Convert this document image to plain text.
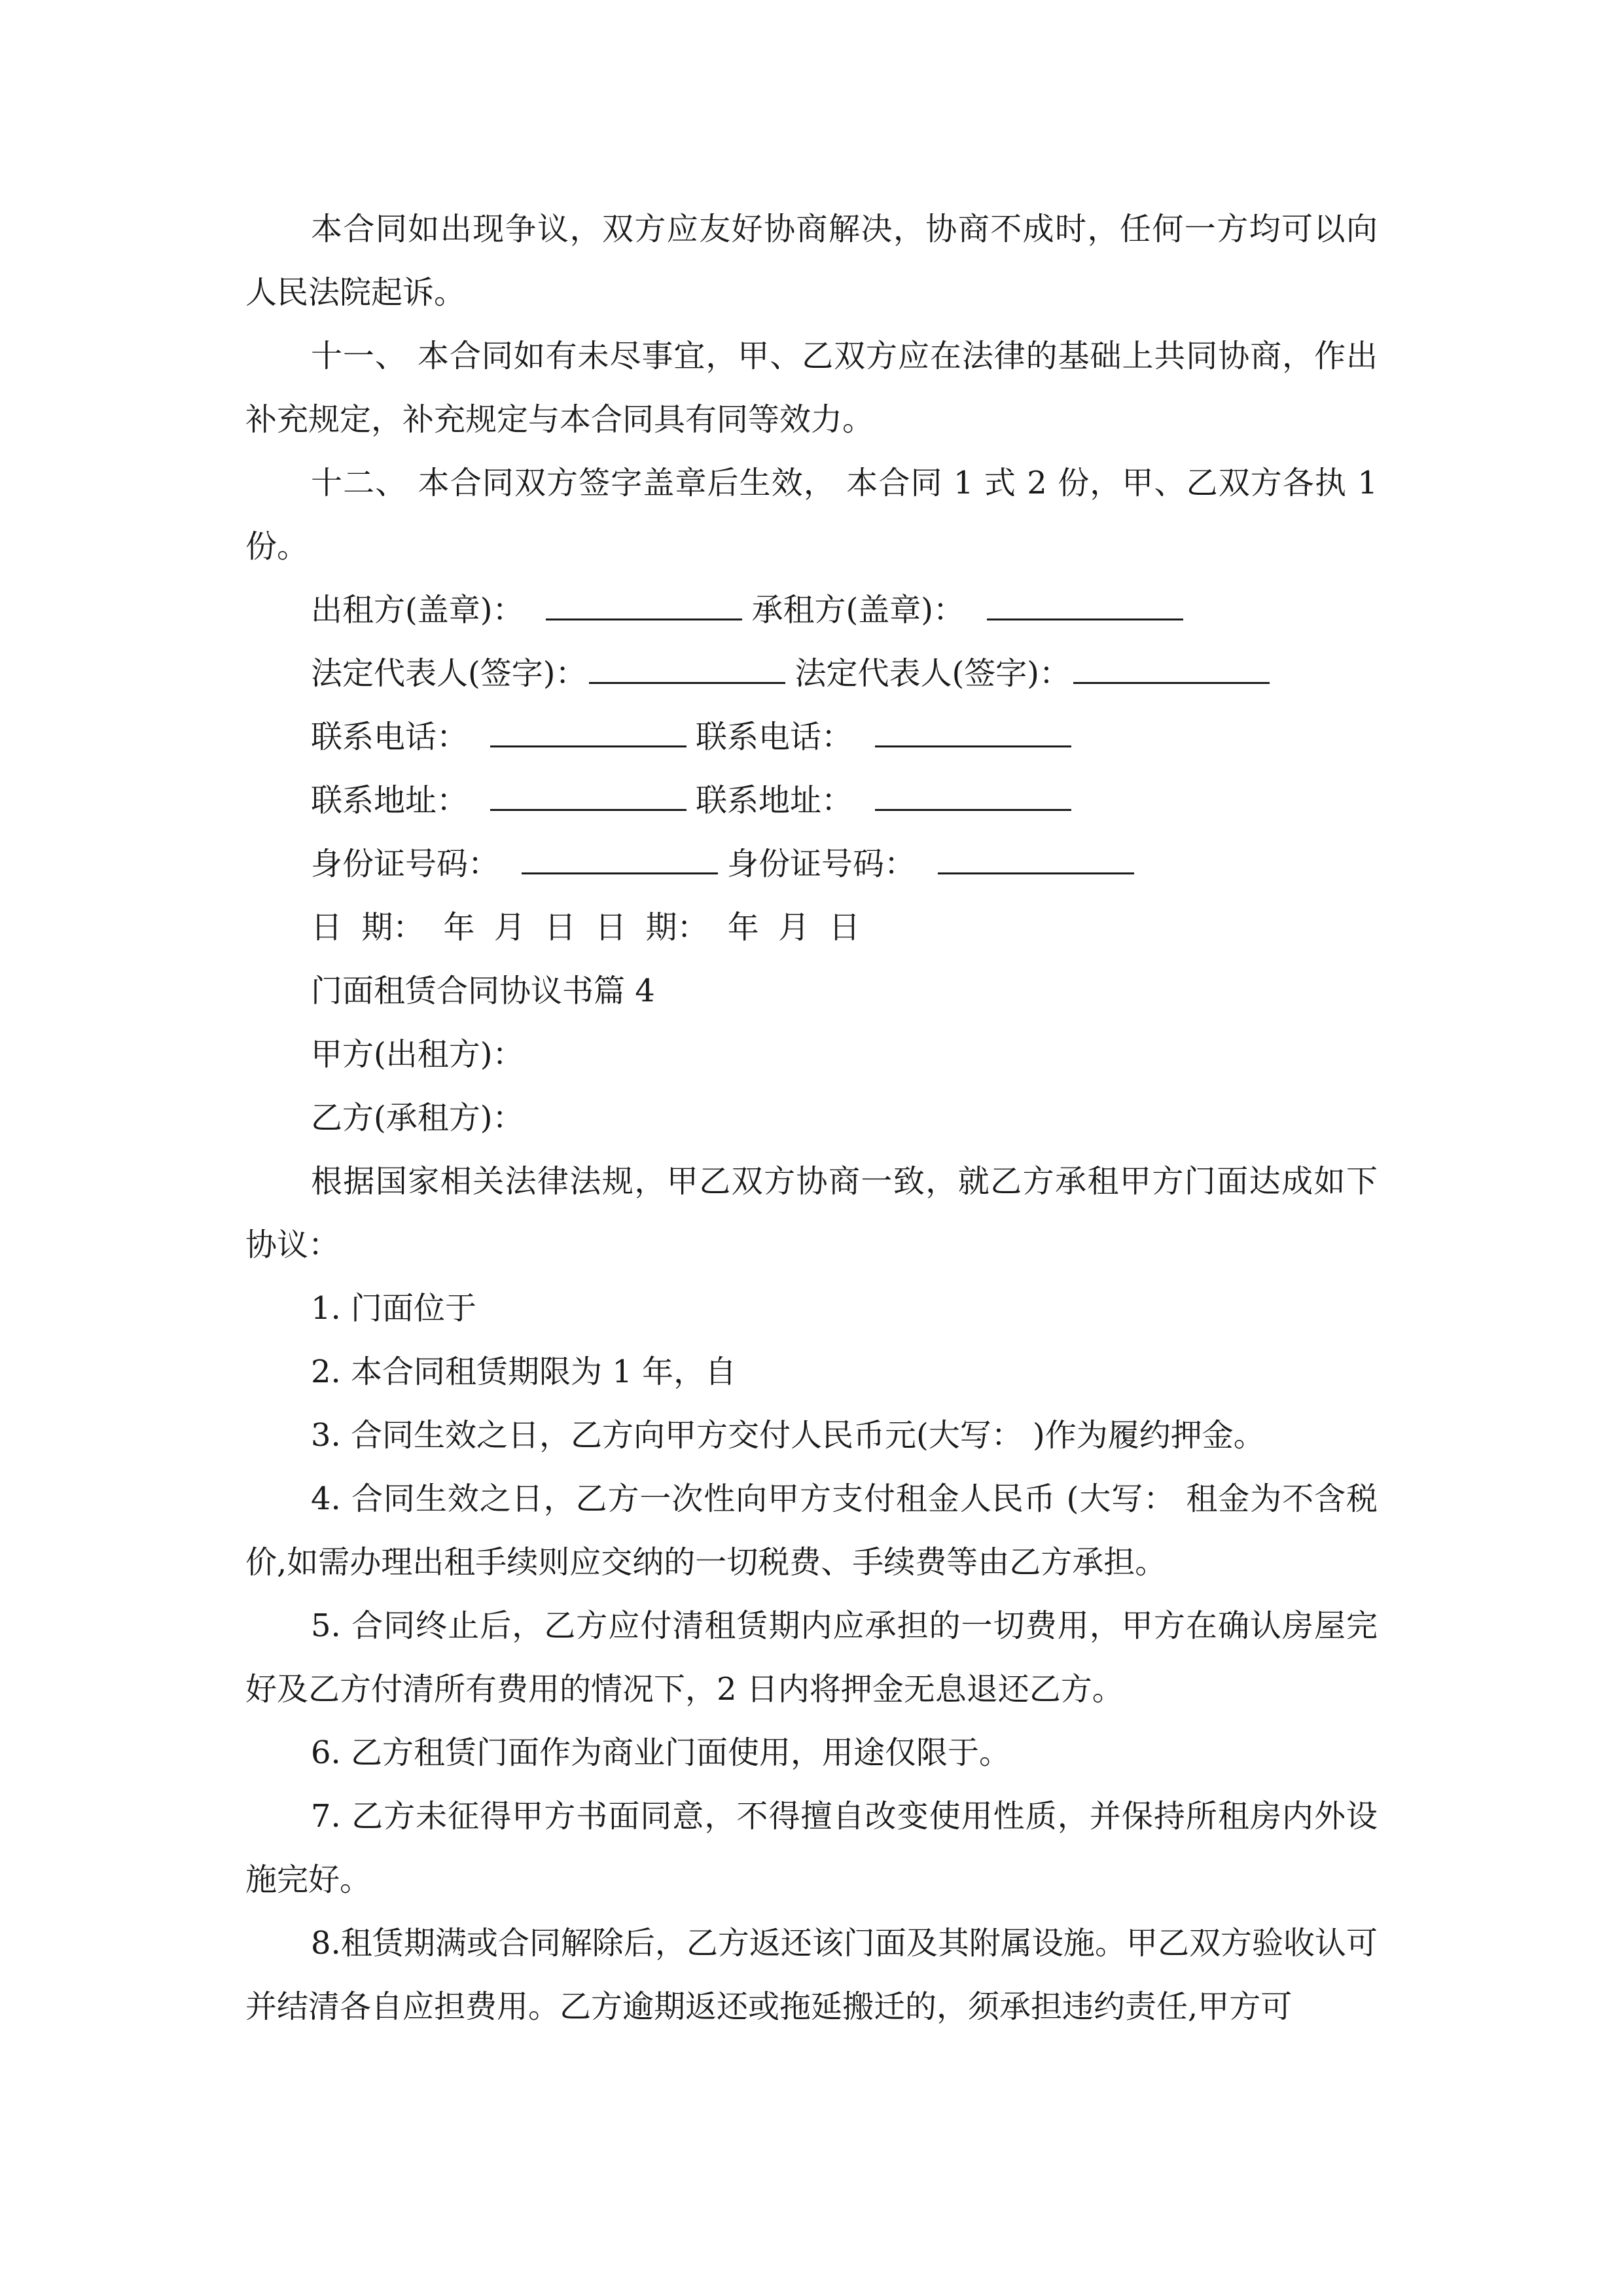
本合同如出现争议，双方应友好协商解决，协商不成时，任何一方均可以向人民法院起诉。

十一、 本合同如有未尽事宜，甲、乙双方应在法律的基础上共同协商，作出补充规定，补充规定与本合同具有同等效力。

十二、 本合同双方签字盖章后生效， 本合同 1 式 2 份，甲、乙双方各执 1 份。

出租方(盖章)：	承租方(盖章)：
法定代表人(签字)：	法定代表人(签字)：
联系电话：	联系电话：
联系地址：	联系地址：
身份证号码：	身份证号码：
日 期： 年 月 日 日 期： 年 月 日
门面租赁合同协议书篇 4
甲方(出租方)：
乙方(承租方)：

根据国家相关法律法规，甲乙双方协商一致，就乙方承租甲方门面达成如下协议：

1. 门面位于

2. 本合同租赁期限为 1 年，自

3. 合同生效之日，乙方向甲方交付人民币元(大写： )作为履约押金。

4. 合同生效之日，乙方一次性向甲方支付租金人民币 (大写： 租金为不含税价,如需办理出租手续则应交纳的一切税费、手续费等由乙方承担。

5. 合同终止后，乙方应付清租赁期内应承担的一切费用，甲方在确认房屋完好及乙方付清所有费用的情况下，2 日内将押金无息退还乙方。

6. 乙方租赁门面作为商业门面使用，用途仅限于。

7. 乙方未征得甲方书面同意，不得擅自改变使用性质，并保持所租房内外设施完好。

8.租赁期满或合同解除后，乙方返还该门面及其附属设施。甲乙双方验收认可并结清各自应担费用。乙方逾期返还或拖延搬迁的，须承担违约责任,甲方可
